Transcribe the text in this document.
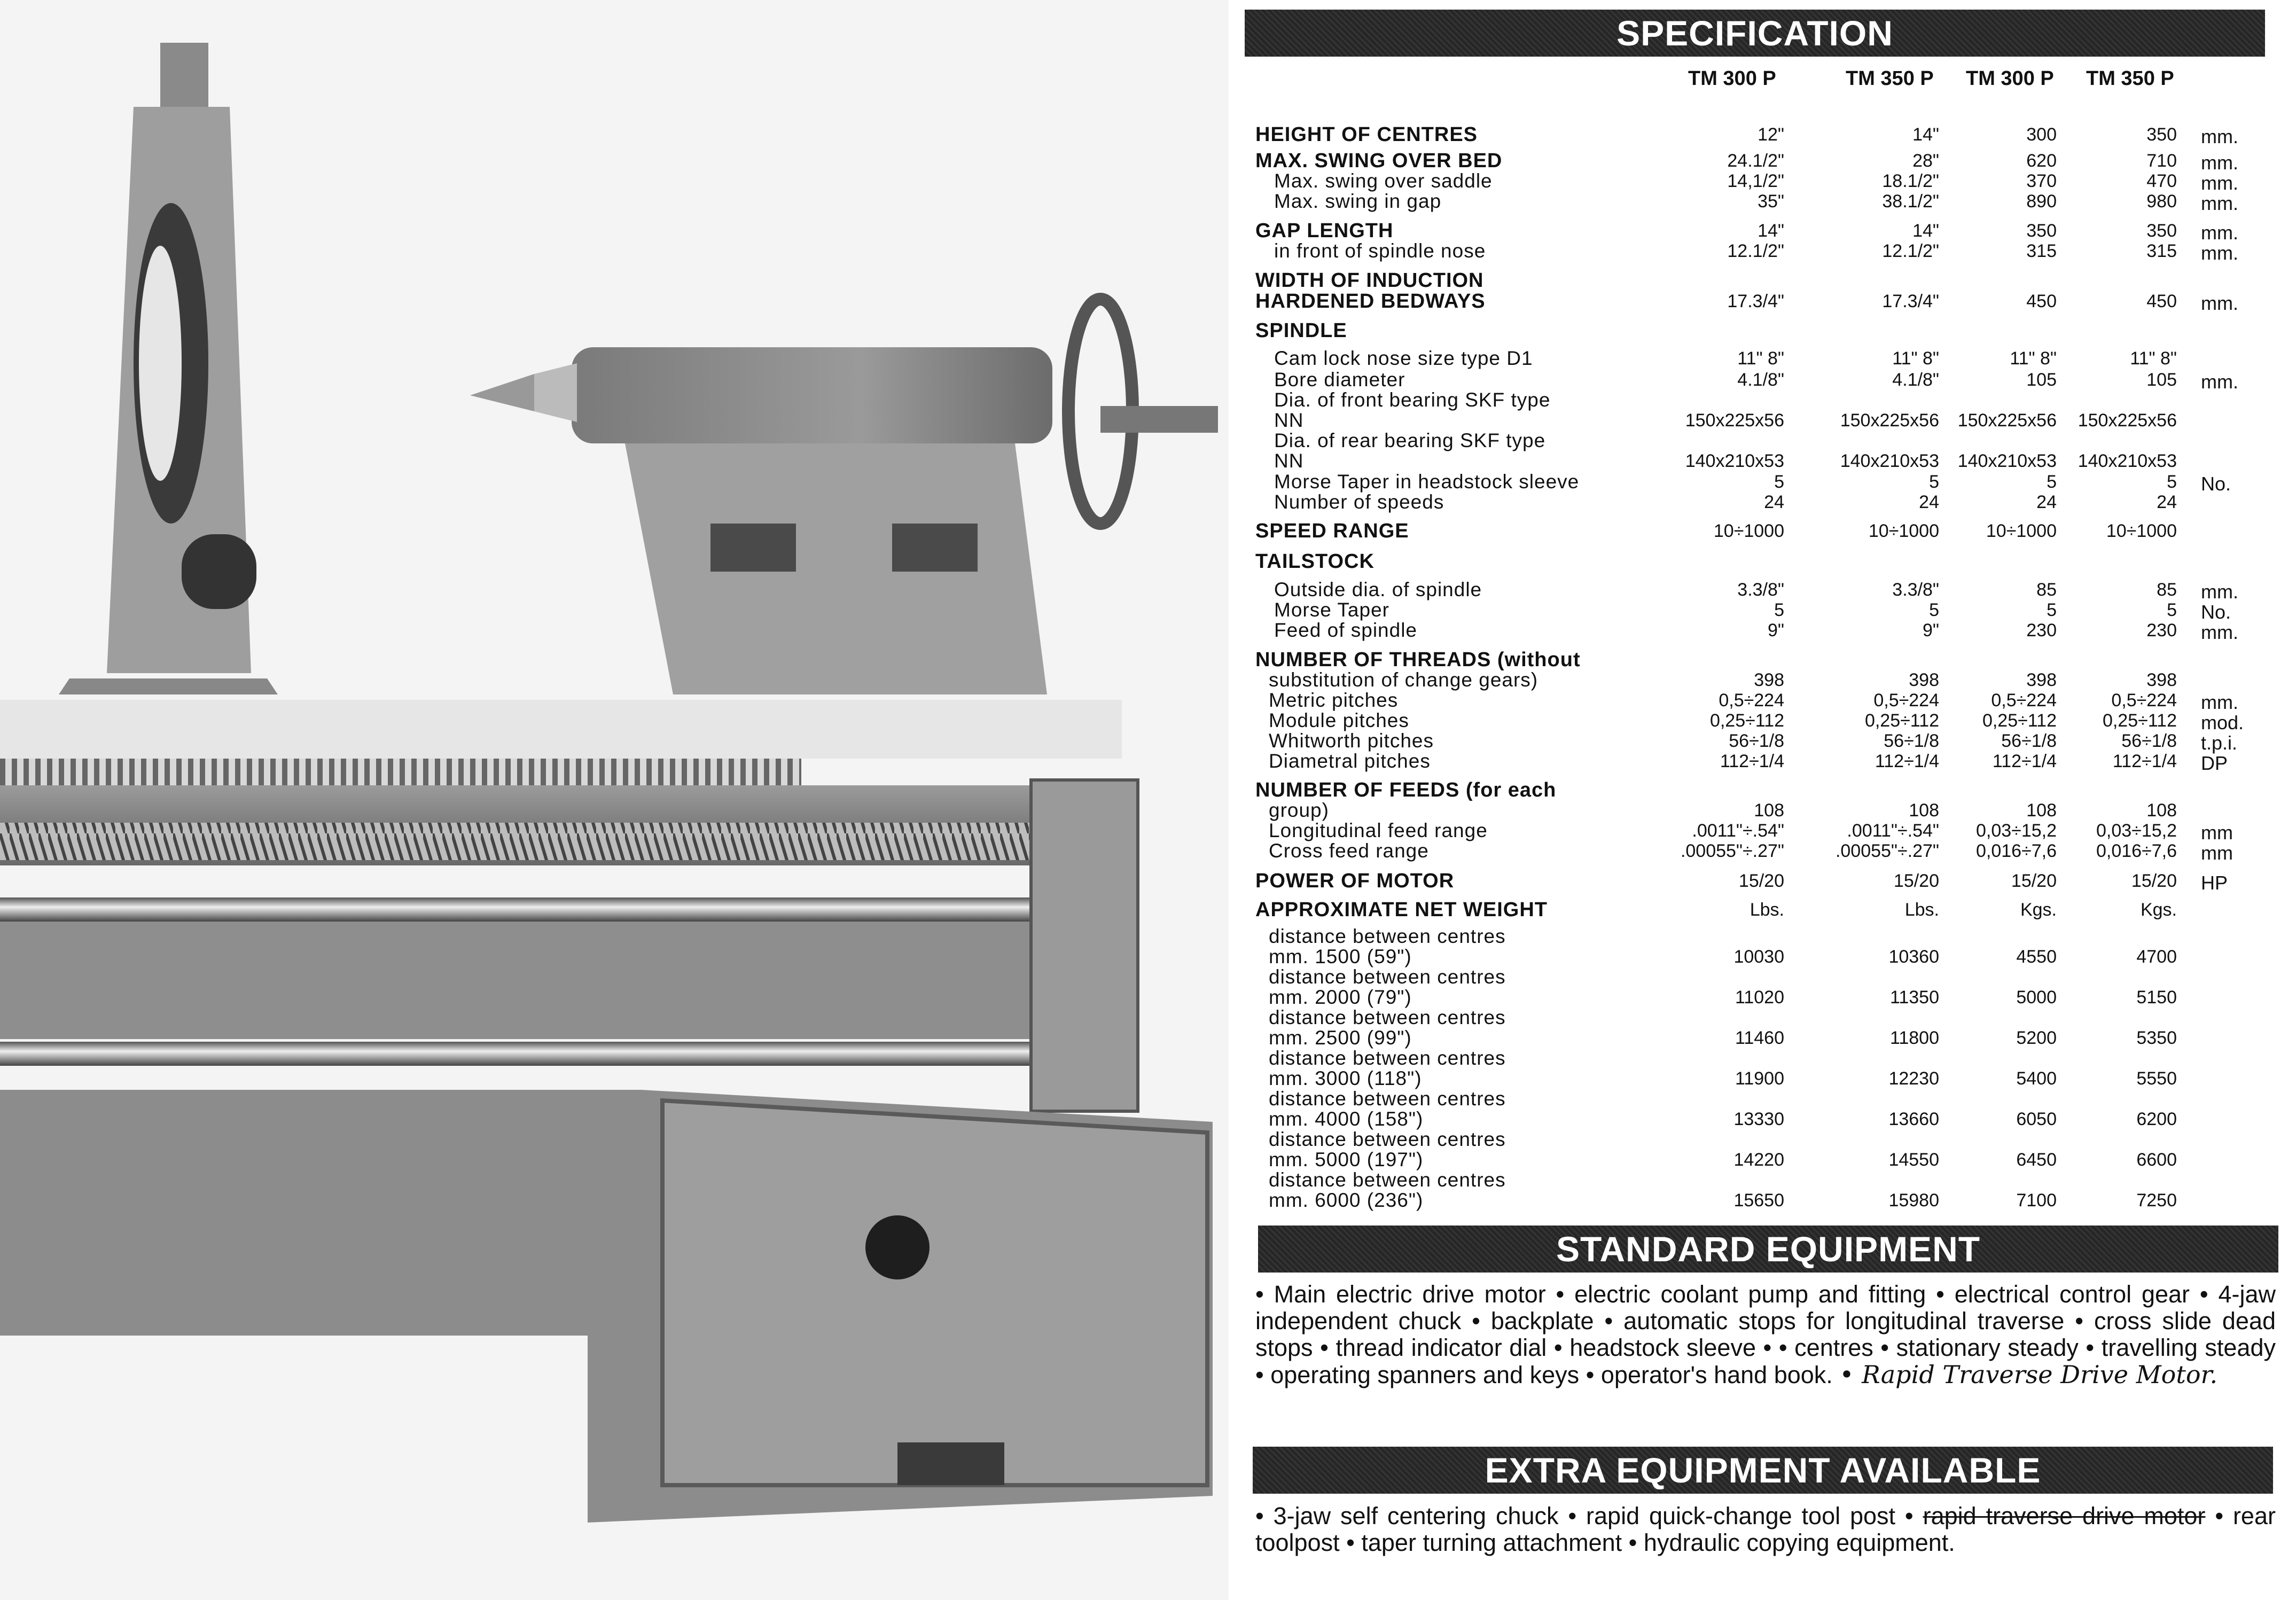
SPECIFICATION
TM 300 P	TM 350 P TM 300 P TM 350 P
HEIGHT OF CENTRES	12"	14"	300	350 mm.
MAX. SWING OVER BED	24.1/2"	28"	620	710 mm.
Max. swing over saddle	14,1/2"	18.1/2"	370	470 mm.
Max. swing in gap	35"	38.1/2"	890	980 mm.
GAP LENGTH	14"	14"	350	350 mm.
in front of spindle nose	12.1/2"	12.1/2"	315	315 mm.
WIDTH OF INDUCTION
HARDENED BEDWAYS	17.3/4"	17.3/4"	450	450 mm.
SPINDLE
Cam lock nose size type D1	11" 8"	11" 8"	11" 8"	11" 8"
Bore diameter	4.1/8"	4.1/8"	105	105 mm.
Dia. of front bearing SKF type
NN	150x225x56	150x225x56	150x225x56	150x225x56
Dia. of rear bearing SKF type
NN	140x210x53	140x210x53	140x210x53	140x210x53
Morse Taper in headstock sleeve	5	5	5	5 No.
Number of speeds	24	24	24	24
SPEED RANGE	10÷1000	10÷1000	10÷1000	10÷1000
TAILSTOCK
Outside dia. of spindle	3.3/8"	3.3/8"	85	85 mm.
Morse Taper	5	5	5	5 No.
Feed of spindle	9"	9"	230	230 mm.
NUMBER OF THREADS (without
substitution of change gears)	398	398	398	398
Metric pitches	0,5÷224	0,5÷224	0,5÷224	0,5÷224 mm.
Module pitches	0,25÷112	0,25÷112	0,25÷112	0,25÷112 mod.
Whitworth pitches	56÷1/8	56÷1/8	56÷1/8	56÷1/8 t.p.i.
Diametral pitches	112÷1/4	112÷1/4	112÷1/4	112÷1/4 DP
NUMBER OF FEEDS (for each
group)	108	108	108	108
Longitudinal feed range	.0011"÷.54"	.0011"÷.54"	0,03÷15,2	0,03÷15,2 mm
Cross feed range	.00055"÷.27"	.00055"÷.27"	0,016÷7,6	0,016÷7,6 mm
POWER OF MOTOR	15/20	15/20	15/20	15/20 HP
APPROXIMATE NET WEIGHT	Lbs.	Lbs.	Kgs.	Kgs.
distance between centres
mm. 1500 (59")	10030	10360	4550	4700
distance between centres
mm. 2000 (79")	11020	11350	5000	5150
distance between centres
mm. 2500 (99")	11460	11800	5200	5350
distance between centres
mm. 3000 (118")	11900	12230	5400	5550
distance between centres
mm. 4000 (158")	13330	13660	6050	6200
distance between centres
mm. 5000 (197")	14220	14550	6450	6600
distance between centres
mm. 6000 (236")	15650	15980	7100	7250
STANDARD EQUIPMENT
• Main electric drive motor • electric coolant pump and fitting • electrical control gear • 4-jaw independent chuck • backplate • automatic stops for longitudinal traverse • cross slide dead stops • thread indicator dial • headstock sleeve • • centres • stationary steady • travelling steady • operating spanners and keys • operator's hand book. • Rapid Traverse Drive Motor.
EXTRA EQUIPMENT AVAILABLE
• 3-jaw self centering chuck • rapid quick-change tool post • rapid traverse drive motor • rear toolpost • taper turning attachment • hydraulic copying equipment.
